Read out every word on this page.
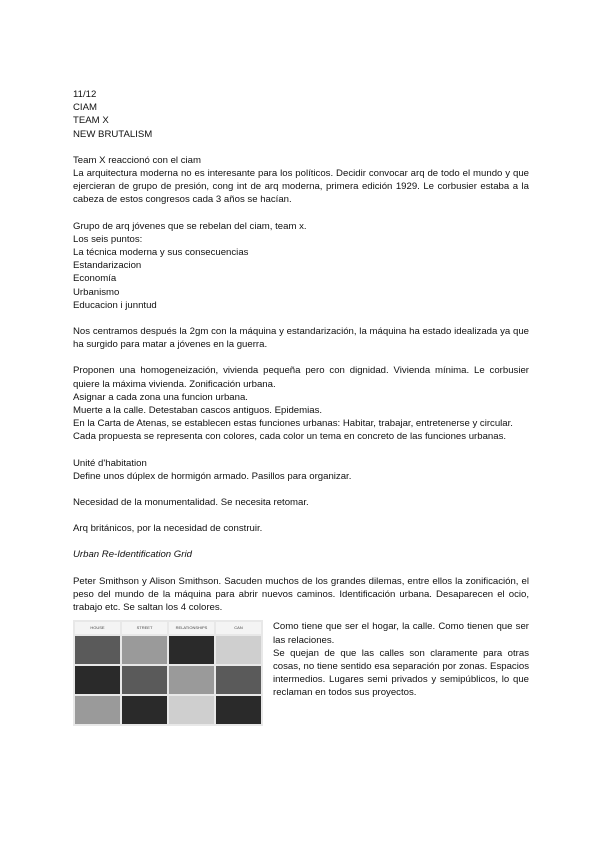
11/12
CIAM
TEAM X
NEW BRUTALISM
Team X reaccionó con el ciam
La arquitectura moderna no es interesante para los políticos. Decidir convocar arq de todo el mundo y que ejercieran de grupo de presión, cong int de arq moderna, primera edición 1929. Le corbusier estaba a la cabeza de estos congresos cada 3 años se hacían.
Grupo de arq jóvenes que se rebelan del ciam, team x.
Los seis puntos:
La técnica moderna y sus consecuencias
Estandarizacion
Economía
Urbanismo
Educacion i junntud
Nos centramos después la 2gm con la máquina y estandarización, la máquina ha estado idealizada ya que ha surgido para matar a jóvenes en la guerra.
Proponen una homogeneización, vivienda pequeña pero con dignidad. Vivienda mínima. Le corbusier quiere la máxima vivienda. Zonificación urbana.
Asignar a cada zona una funcion urbana.
Muerte a la calle. Detestaban cascos antiguos. Epidemias.
En la Carta de Atenas, se establecen estas funciones urbanas: Habitar, trabajar, entretenerse y circular.
Cada propuesta se representa con colores, cada color un tema en concreto de las funciones urbanas.
Unité d'habitation
Define unos dúplex de hormigón armado. Pasillos para organizar.
Necesidad de la monumentalidad. Se necesita retomar.
Arq británicos, por la necesidad de construir.
Urban Re-Identification Grid
Peter Smithson y Alison Smithson. Sacuden muchos de los grandes dilemas, entre ellos la zonificación, el peso del mundo de la máquina para abrir nuevos caminos. Identificación urbana. Desaparecen el ocio, trabajo etc. Se saltan los 4 colores.
HOUSE	STREET	RELATIONSHIPS	CAN	Como tiene que ser el hogar, la calle. Como tienen que ser las relaciones.
Se quejan de que las calles son claramente para otras cosas, no tiene sentido esa separación por zonas. Espacios intermedios. Lugares semi privados y semipúblicos, lo que reclaman en todos sus proyectos.
